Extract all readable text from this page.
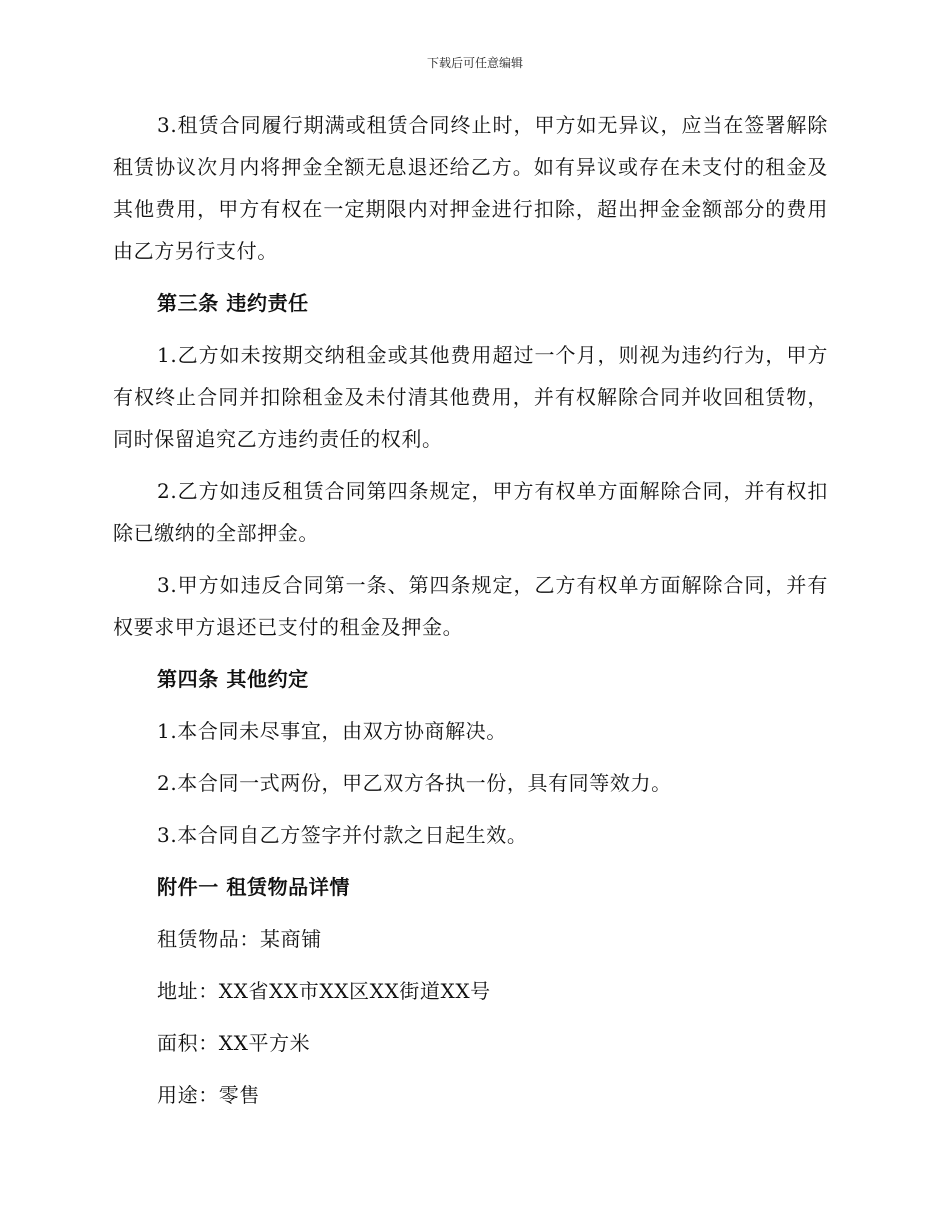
下载后可任意编辑

3.租赁合同履行期满或租赁合同终止时，甲方如无异议，应当在签署解除租赁协议次月内将押金全额无息退还给乙方。如有异议或存在未支付的租金及其他费用，甲方有权在一定期限内对押金进行扣除，超出押金金额部分的费用由乙方另行支付。

第三条 违约责任

1.乙方如未按期交纳租金或其他费用超过一个月，则视为违约行为，甲方有权终止合同并扣除租金及未付清其他费用，并有权解除合同并收回租赁物，同时保留追究乙方违约责任的权利。

2.乙方如违反租赁合同第四条规定，甲方有权单方面解除合同，并有权扣除已缴纳的全部押金。

3.甲方如违反合同第一条、第四条规定，乙方有权单方面解除合同，并有权要求甲方退还已支付的租金及押金。

第四条 其他约定

1.本合同未尽事宜，由双方协商解决。

2.本合同一式两份，甲乙双方各执一份，具有同等效力。

3.本合同自乙方签字并付款之日起生效。

附件一 租赁物品详情
租赁物品：某商铺
地址：XX省XX市XX区XX街道XX号
面积：XX平方米
用途：零售
